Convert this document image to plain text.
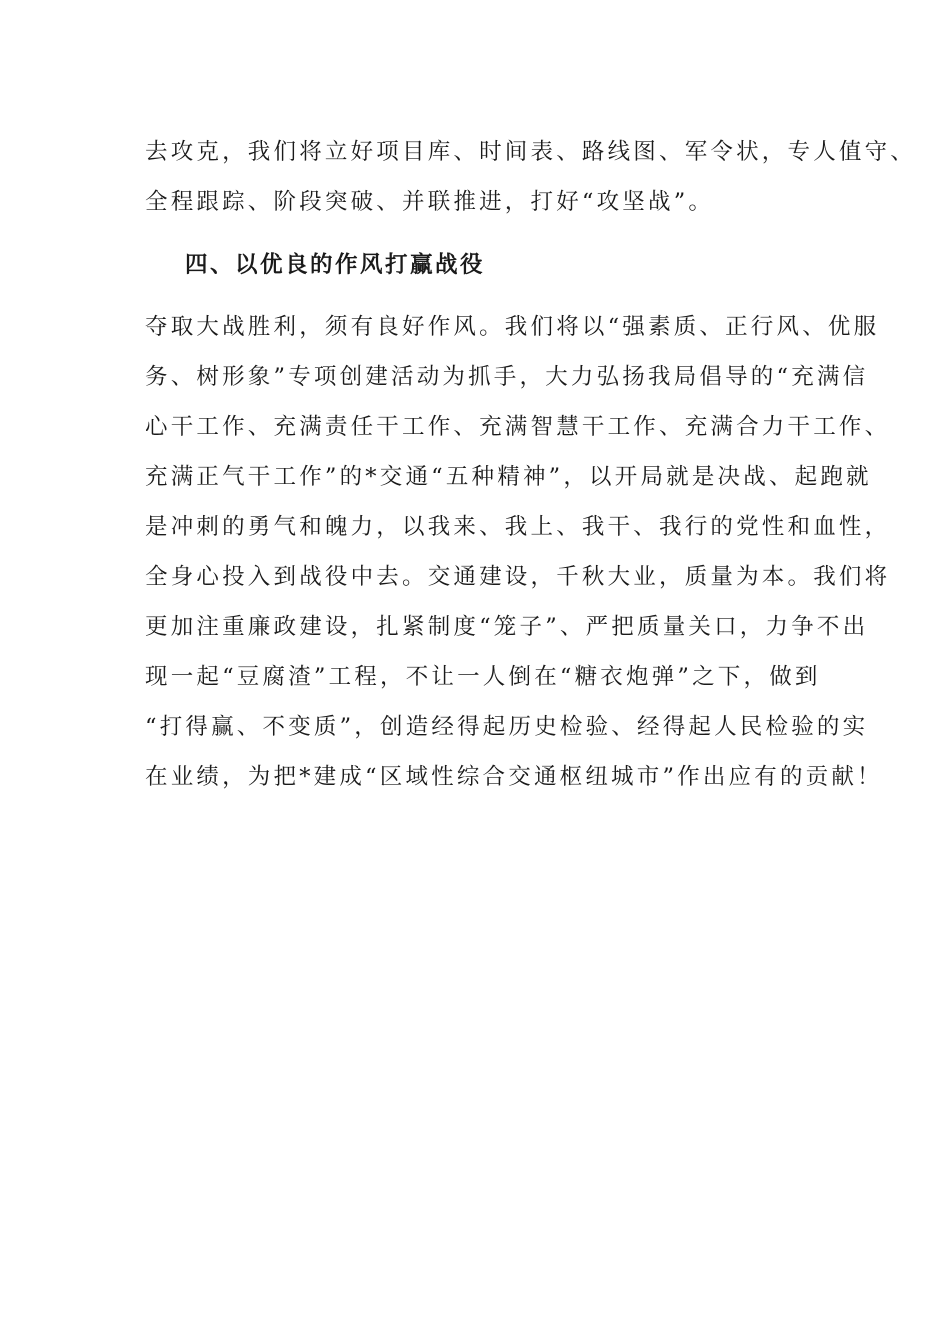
去攻克，我们将立好项目库、时间表、路线图、军令状，专人值守、
全程跟踪、阶段突破、并联推进，打好“攻坚战”。
四、以优良的作风打赢战役
夺取大战胜利，须有良好作风。我们将以“强素质、正行风、优服
务、树形象”专项创建活动为抓手，大力弘扬我局倡导的“充满信
心干工作、充满责任干工作、充满智慧干工作、充满合力干工作、
充满正气干工作”的*交通“五种精神”，以开局就是决战、起跑就
是冲刺的勇气和魄力，以我来、我上、我干、我行的党性和血性，
全身心投入到战役中去。交通建设，千秋大业，质量为本。我们将
更加注重廉政建设，扎紧制度“笼子”、严把质量关口，力争不出
现一起“豆腐渣”工程，不让一人倒在“糖衣炮弹”之下，做到
“打得赢、不变质”，创造经得起历史检验、经得起人民检验的实
在业绩，为把*建成“区域性综合交通枢纽城市”作出应有的贡献！
